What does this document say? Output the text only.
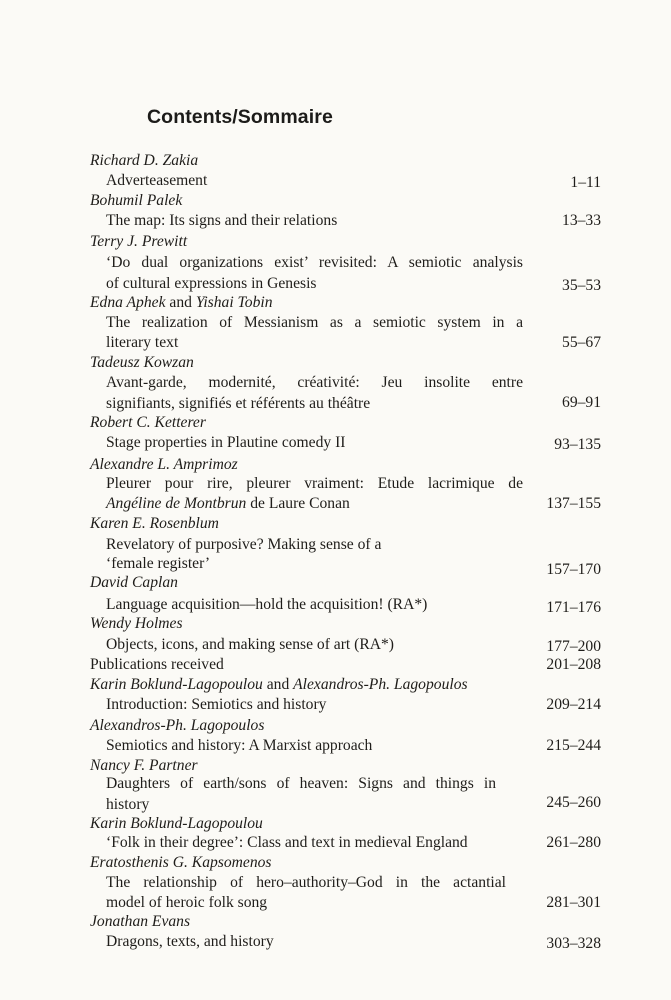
Contents/Sommaire
Richard D. Zakia
Adverteasement	1–11
Bohumil Palek
The map: Its signs and their relations	13–33
Terry J. Prewitt
‘Do dual organizations exist’ revisited: A semiotic analysis
of cultural expressions in Genesis	35–53
Edna Aphek and Yishai Tobin
The realization of Messianism as a semiotic system in a
literary text	55–67
Tadeusz Kowzan
Avant-garde, modernité, créativité: Jeu insolite entre
signifiants, signifiés et référents au théâtre	69–91
Robert C. Ketterer
Stage properties in Plautine comedy II	93–135
Alexandre L. Amprimoz
Pleurer pour rire, pleurer vraiment: Etude lacrimique de
Angéline de Montbrun de Laure Conan	137–155
Karen E. Rosenblum
Revelatory of purposive? Making sense of a
‘female register’	157–170
David Caplan
Language acquisition—hold the acquisition! (RA*)	171–176
Wendy Holmes
Objects, icons, and making sense of art (RA*)	177–200
Publications received	201–208
Karin Boklund-Lagopoulou and Alexandros-Ph. Lagopoulos
Introduction: Semiotics and history	209–214
Alexandros-Ph. Lagopoulos
Semiotics and history: A Marxist approach	215–244
Nancy F. Partner
Daughters of earth/sons of heaven: Signs and things in
history	245–260
Karin Boklund-Lagopoulou
‘Folk in their degree’: Class and text in medieval England	261–280
Eratosthenis G. Kapsomenos
The relationship of hero–authority–God in the actantial
model of heroic folk song	281–301
Jonathan Evans
Dragons, texts, and history	303–328
